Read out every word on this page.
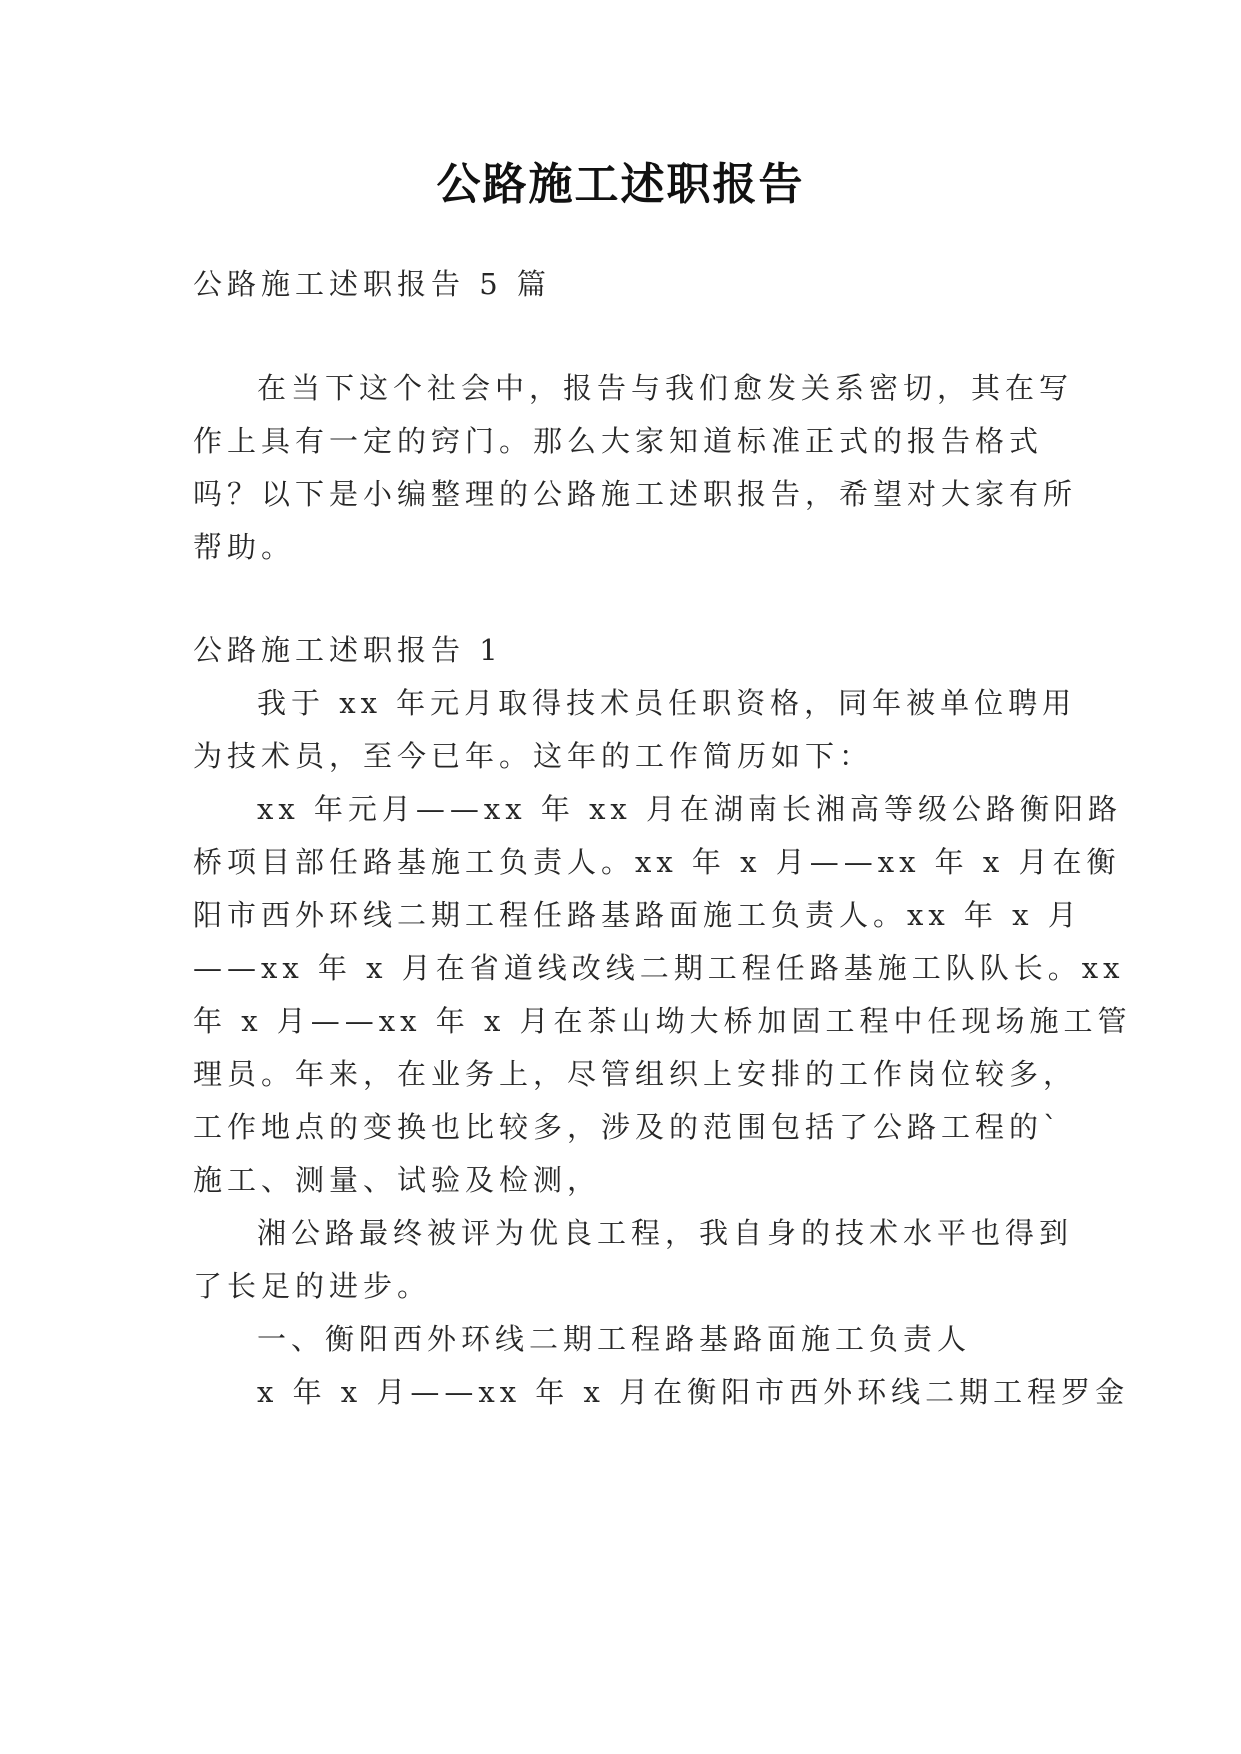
公路施工述职报告
公路施工述职报告 5 篇
在当下这个社会中，报告与我们愈发关系密切，其在写
作上具有一定的窍门。那么大家知道标准正式的报告格式
吗？以下是小编整理的公路施工述职报告，希望对大家有所
帮助。
公路施工述职报告 1
我于 xx 年元月取得技术员任职资格，同年被单位聘用
为技术员，至今已年。这年的工作简历如下：
xx 年元月——xx 年 xx 月在湖南长湘高等级公路衡阳路
桥项目部任路基施工负责人。xx 年 x 月——xx 年 x 月在衡
阳市西外环线二期工程任路基路面施工负责人。xx 年 x 月
——xx 年 x 月在省道线改线二期工程任路基施工队队长。xx
年 x 月——xx 年 x 月在茶山坳大桥加固工程中任现场施工管
理员。年来，在业务上，尽管组织上安排的工作岗位较多，
工作地点的变换也比较多，涉及的范围包括了公路工程的`
施工、测量、试验及检测，
湘公路最终被评为优良工程，我自身的技术水平也得到
了长足的进步。
一、衡阳西外环线二期工程路基路面施工负责人
x 年 x 月——xx 年 x 月在衡阳市西外环线二期工程罗金
